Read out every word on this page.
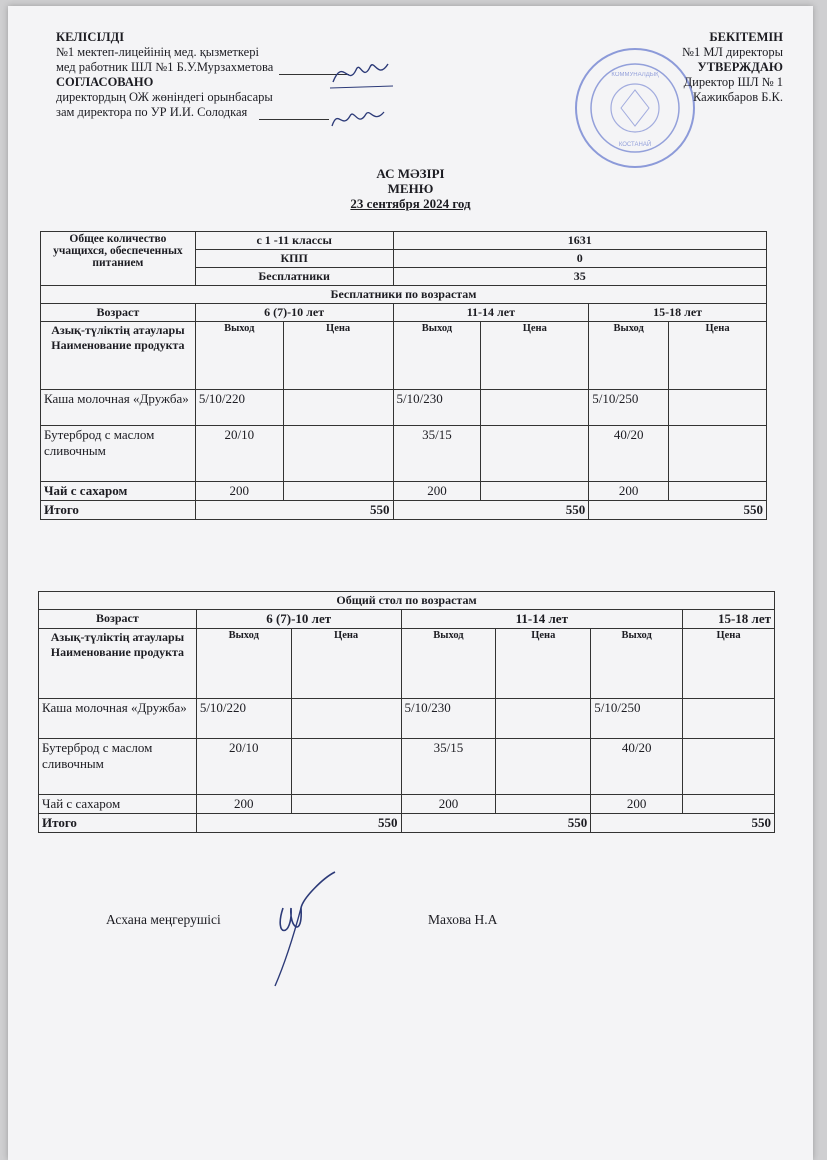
КЕЛІСІЛДІ
№1 мектеп-лицейінің мед. қызметкері
мед работник ШЛ №1 Б.У.Мурзахметова
СОГЛАСОВАНО
директордың ОЖ жөніндегі орынбасары
зам директора по УР И.И. Солодкая
КОММУНАЛДЫҚ
КОСТАНАЙ
БЕКІТЕМІН
№1 МЛ директоры
УТВЕРЖДАЮ
Директор ШЛ № 1
Кажикбаров Б.К.
АС МӘЗІРІ
МЕНЮ
23 сентября 2024 год
Общее количество учащихся, обеспеченных питанием	с 1 -11 классы		1631			
	КПП		0			
	Бесплатники		35			
Бесплатники по возрастам						
Возраст	6 (7)-10 лет		11-14 лет		15-18 лет	
Азық-түліктің атаулары Наименование продукта	Выход	Цена	Выход	Цена	Выход	Цена
Каша молочная «Дружба»	5/10/220		5/10/230		5/10/250	
Бутерброд с маслом сливочным	20/10		35/15		40/20	
Чай с сахаром	200		200		200	
Итого	550		550		550	
Общий стол по возрастам						
Возраст	6 (7)-10 лет		11-14 лет			15-18 лет
Азық-түліктің атаулары Наименование продукта	Выход	Цена	Выход	Цена	Выход	Цена
Каша молочная «Дружба»	5/10/220		5/10/230		5/10/250	
Бутерброд с маслом сливочным	20/10		35/15		40/20	
Чай с сахаром	200		200		200	
Итого	550		550		550	
Асхана меңгерушісі	Махова Н.А
